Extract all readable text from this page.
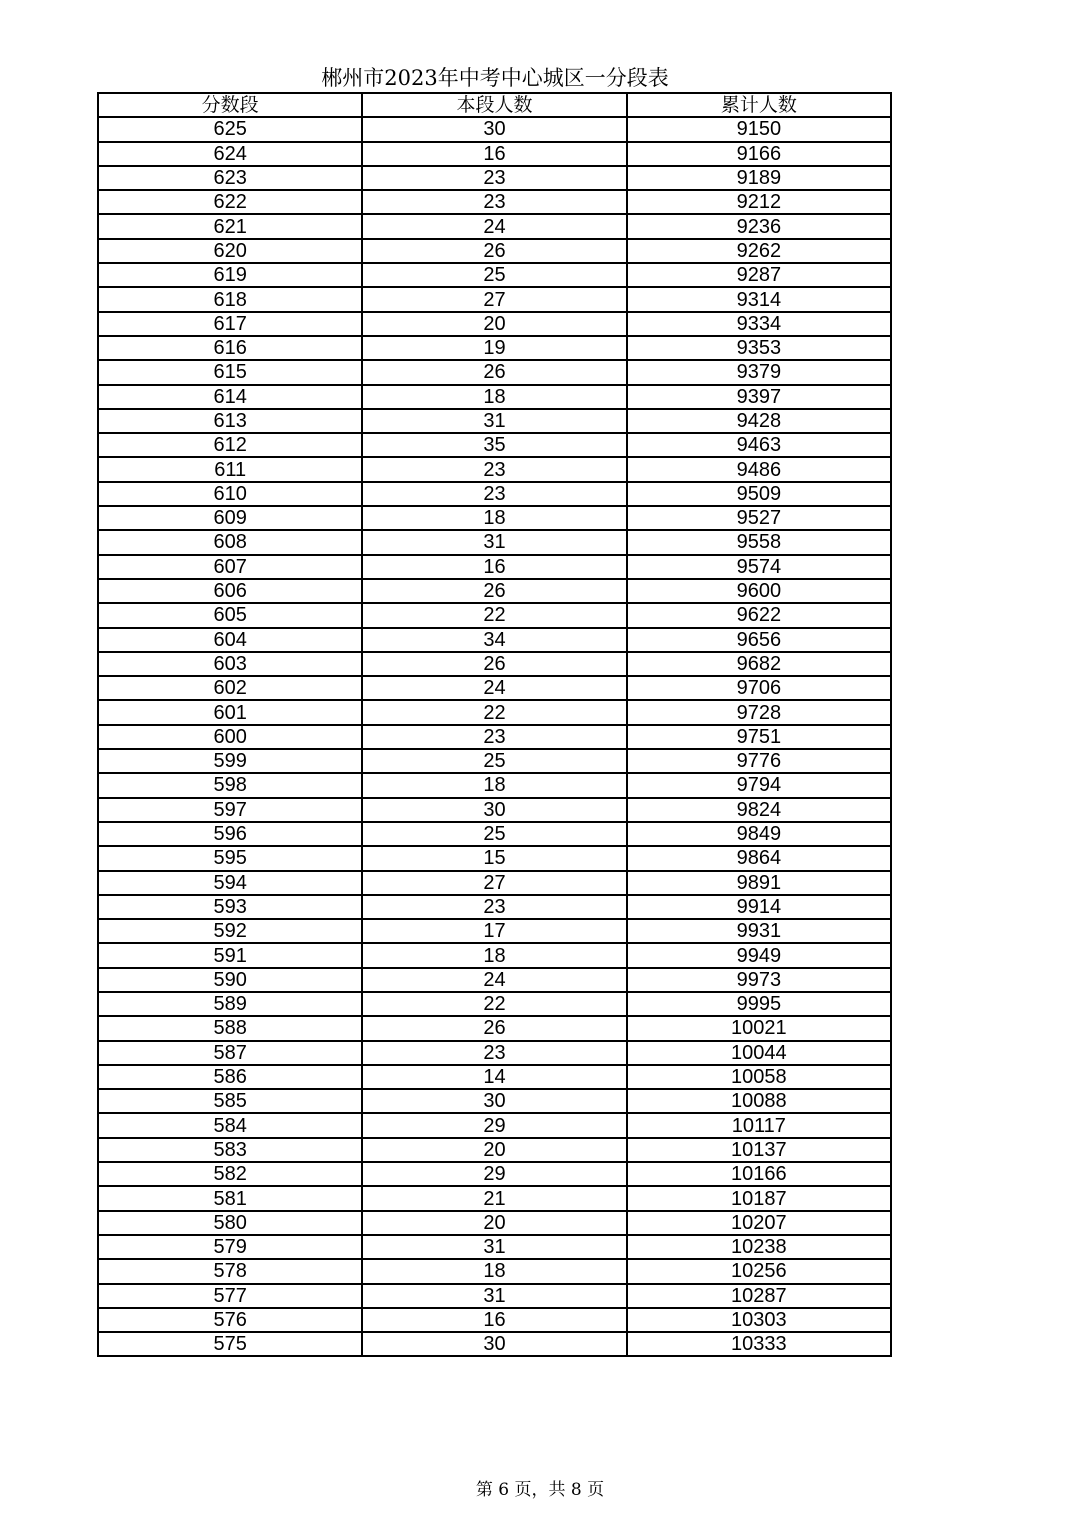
郴州市2023年中考中心城区一分段表
分数段	本段人数	累计人数
625	30	9150
624	16	9166
623	23	9189
622	23	9212
621	24	9236
620	26	9262
619	25	9287
618	27	9314
617	20	9334
616	19	9353
615	26	9379
614	18	9397
613	31	9428
612	35	9463
611	23	9486
610	23	9509
609	18	9527
608	31	9558
607	16	9574
606	26	9600
605	22	9622
604	34	9656
603	26	9682
602	24	9706
601	22	9728
600	23	9751
599	25	9776
598	18	9794
597	30	9824
596	25	9849
595	15	9864
594	27	9891
593	23	9914
592	17	9931
591	18	9949
590	24	9973
589	22	9995
588	26	10021
587	23	10044
586	14	10058
585	30	10088
584	29	10117
583	20	10137
582	29	10166
581	21	10187
580	20	10207
579	31	10238
578	18	10256
577	31	10287
576	16	10303
575	30	10333
第 6 页，共 8 页
